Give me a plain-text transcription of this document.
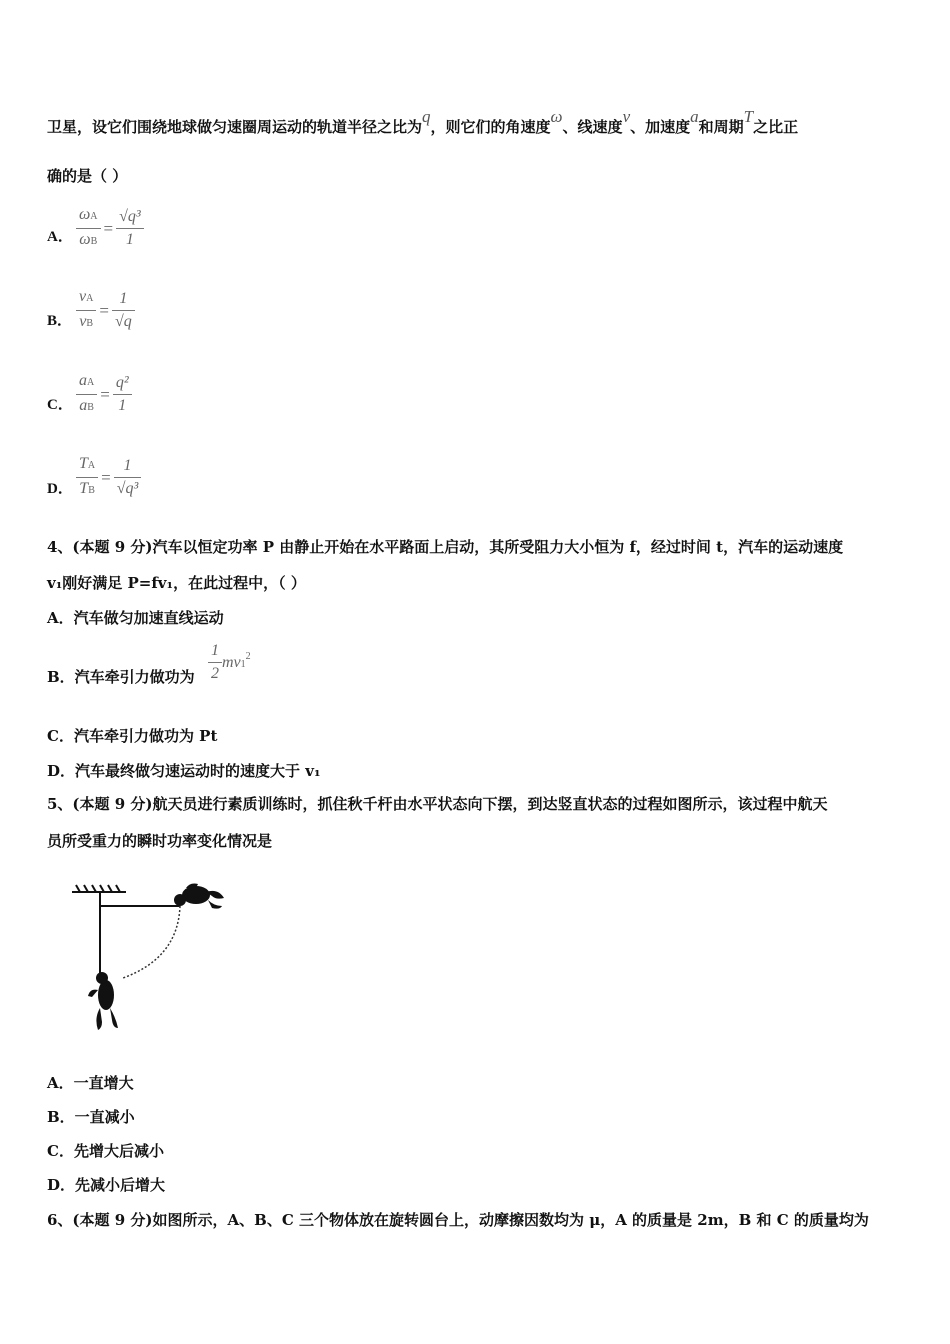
卫星，设它们围绕地球做匀速圈周运动的轨道半径之比为q，则它们的角速度ω、线速度v、加速度a和周期T之比正
确的是（ ）
A． $\frac{\omega A}{\omega B} = \frac{\text{√q³}}{1}$
B． $\frac{vA}{vB} = \frac{1}{√q}$
C． $\frac{aA}{aB} = \frac{\text{q²}}{1}$
D． $\frac{TA}{TB} = \frac{1}{\text{√q³}}$
4、(本题 9 分)汽车以恒定功率 P 由静止开始在水平路面上启动，其所受阻力大小恒为 f，经过时间 t，汽车的运动速度
v₁刚好满足 P=fv₁，在此过程中，（ ）
A．汽车做匀加速直线运动
B．汽车牵引力做功为 $\frac{1}{2} mv1^2$
C．汽车牵引力做功为 Pt
D．汽车最终做匀速运动时的速度大于 v₁
5、(本题 9 分)航天员进行素质训练时，抓住秋千杆由水平状态向下摆，到达竖直状态的过程如图所示，该过程中航天
员所受重力的瞬时功率变化情况是
A．一直增大
B．一直减小
C．先增大后减小
D．先减小后增大
6、(本题 9 分)如图所示，A、B、C 三个物体放在旋转圆台上，动摩擦因数均为 μ，A 的质量是 2m，B 和 C 的质量均为
